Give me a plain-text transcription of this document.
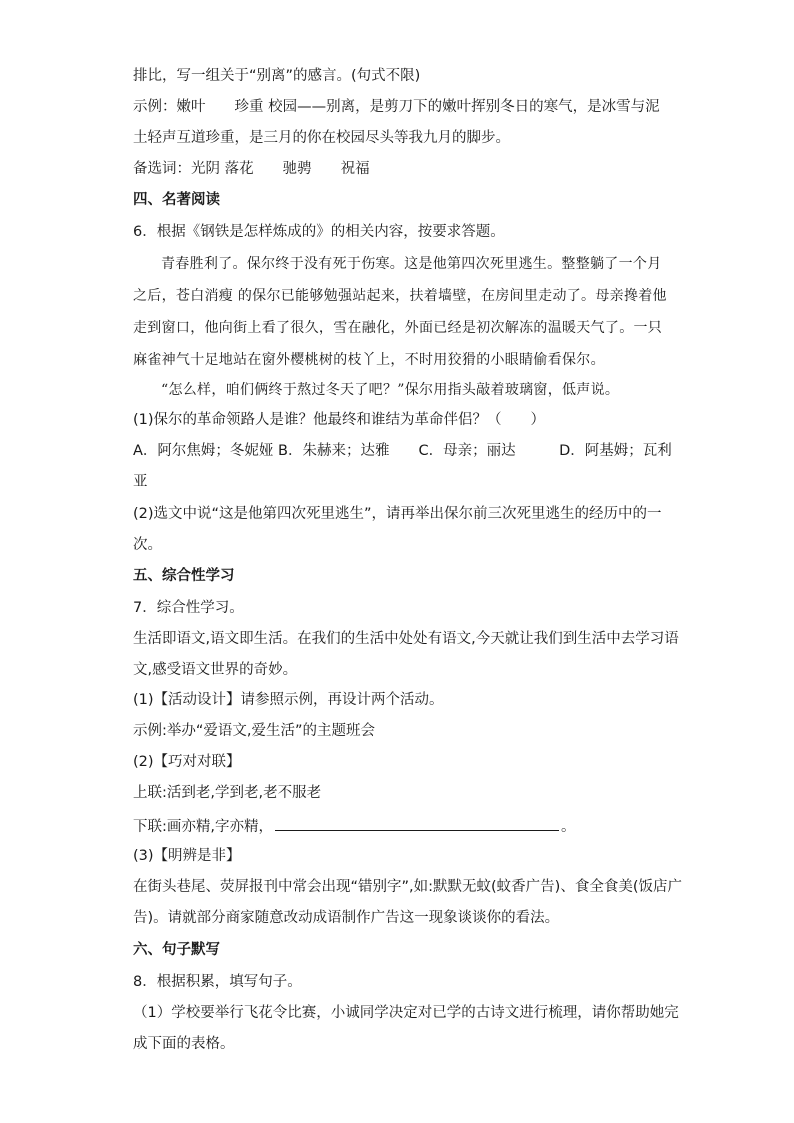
排比，写一组关于“别离”的感言。(句式不限)
示例：嫩叶　　珍重 校园——别离，是剪刀下的嫩叶挥别冬日的寒气，是冰雪与泥
土轻声互道珍重，是三月的你在校园尽头等我九月的脚步。
备选词：光阴 落花　　驰骋　　祝福
四、名著阅读
6．根据《钢铁是怎样炼成的》的相关内容，按要求答题。
青春胜利了。保尔终于没有死于伤寒。这是他第四次死里逃生。整整躺了一个月
之后，苍白消瘦 的保尔已能够勉强站起来，扶着墙壁，在房间里走动了。母亲搀着他
走到窗口，他向街上看了很久，雪在融化，外面已经是初次解冻的温暖天气了。一只
麻雀神气十足地站在窗外樱桃树的枝丫上，不时用狡猾的小眼睛偷看保尔。
“怎么样，咱们俩终于熬过冬天了吧？”保尔用指头敲着玻璃窗，低声说。
(1)保尔的革命领路人是谁？他最终和谁结为革命伴侣？（　　）
A．阿尔焦姆；冬妮娅 B．朱赫来；达雅　　C．母亲；丽达　　　D．阿基姆；瓦利
亚
(2)选文中说“这是他第四次死里逃生”，请再举出保尔前三次死里逃生的经历中的一
次。
五、综合性学习
7．综合性学习。
生活即语文,语文即生活。在我们的生活中处处有语文,今天就让我们到生活中去学习语
文,感受语文世界的奇妙。
(1)【活动设计】请参照示例，再设计两个活动。
示例:举办“爱语文,爱生活”的主题班会
(2)【巧对对联】
上联:活到老,学到老,老不服老
下联:画亦精,字亦精，	。
(3)【明辨是非】
在街头巷尾、荧屏报刊中常会出现“错别字”,如:默默无蚊(蚊香广告)、食全食美(饭店广
告)。请就部分商家随意改动成语制作广告这一现象谈谈你的看法。
六、句子默写
8．根据积累，填写句子。
（1）学校要举行飞花令比赛，小诚同学决定对已学的古诗文进行梳理，请你帮助她完
成下面的表格。
